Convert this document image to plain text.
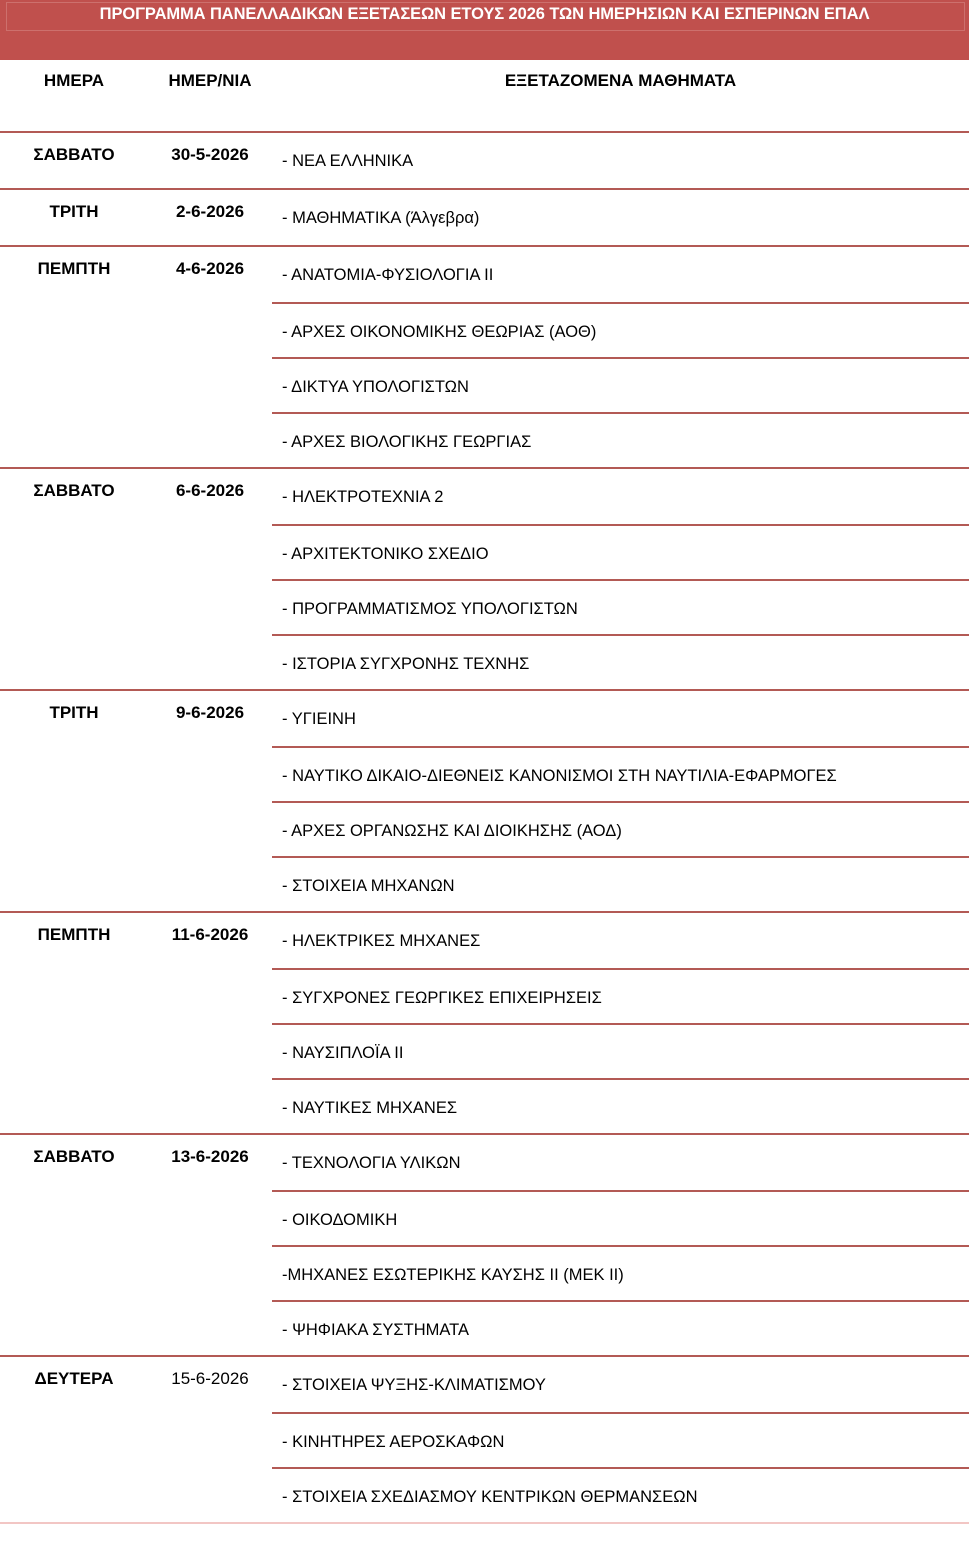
ΠΡΟΓΡΑΜΜΑ ΠΑΝΕΛΛΑΔΙΚΩΝ ΕΞΕΤΑΣΕΩΝ ΕΤΟΥΣ 2026 ΤΩΝ ΗΜΕΡΗΣΙΩΝ ΚΑΙ ΕΣΠΕΡΙΝΩΝ ΕΠΑΛ
ΗΜΕΡΑ	ΗΜΕΡ/ΝΙΑ	ΕΞΕΤΑΖΟΜΕΝΑ ΜΑΘΗΜΑΤΑ
ΣΑΒΒΑΤΟ	30-5-2026	- ΝΕΑ ΕΛΛΗΝΙΚΑ
ΤΡΙΤΗ	2-6-2026	- ΜΑΘΗΜΑΤΙΚΑ (Άλγεβρα)
ΠΕΜΠΤΗ	4-6-2026	- ΑΝΑΤΟΜΙΑ-ΦΥΣΙΟΛΟΓΙΑ ΙΙ
- ΑΡΧΕΣ ΟΙΚΟΝΟΜΙΚΗΣ ΘΕΩΡΙΑΣ (ΑΟΘ)
- ΔΙΚΤΥΑ ΥΠΟΛΟΓΙΣΤΩΝ
- ΑΡΧΕΣ ΒΙΟΛΟΓΙΚΗΣ ΓΕΩΡΓΙΑΣ
ΣΑΒΒΑΤΟ	6-6-2026	- ΗΛΕΚΤΡΟΤΕΧΝΙΑ 2
- ΑΡΧΙΤΕΚΤΟΝΙΚΟ ΣΧΕΔΙΟ
- ΠΡΟΓΡΑΜΜΑΤΙΣΜΟΣ ΥΠΟΛΟΓΙΣΤΩΝ
- ΙΣΤΟΡΙΑ ΣΥΓΧΡΟΝΗΣ ΤΕΧΝΗΣ
ΤΡΙΤΗ	9-6-2026	- ΥΓΙΕΙΝΗ
- ΝΑΥΤΙΚΟ ΔΙΚΑΙΟ-ΔΙΕΘΝΕΙΣ ΚΑΝΟΝΙΣΜΟΙ ΣΤΗ ΝΑΥΤΙΛΙΑ-ΕΦΑΡΜΟΓΕΣ
- ΑΡΧΕΣ ΟΡΓΑΝΩΣΗΣ ΚΑΙ ΔΙΟΙΚΗΣΗΣ (ΑΟΔ)
- ΣΤΟΙΧΕΙΑ ΜΗΧΑΝΩΝ
ΠΕΜΠΤΗ	11-6-2026	- ΗΛΕΚΤΡΙΚΕΣ ΜΗΧΑΝΕΣ
- ΣΥΓΧΡΟΝΕΣ ΓΕΩΡΓΙΚΕΣ ΕΠΙΧΕΙΡΗΣΕΙΣ
- ΝΑΥΣΙΠΛΟΪΑ ΙΙ
- ΝΑΥΤΙΚΕΣ ΜΗΧΑΝΕΣ
ΣΑΒΒΑΤΟ	13-6-2026	- ΤΕΧΝΟΛΟΓΙΑ ΥΛΙΚΩΝ
- ΟΙΚΟΔΟΜΙΚΗ
-ΜΗΧΑΝΕΣ ΕΣΩΤΕΡΙΚΗΣ ΚΑΥΣΗΣ ΙΙ (ΜΕΚ ΙΙ)
- ΨΗΦΙΑΚΑ ΣΥΣΤΗΜΑΤΑ
ΔΕΥΤΕΡΑ	15-6-2026	- ΣΤΟΙΧΕΙΑ ΨΥΞΗΣ-ΚΛΙΜΑΤΙΣΜΟΥ
- ΚΙΝΗΤΗΡΕΣ ΑΕΡΟΣΚΑΦΩΝ
- ΣΤΟΙΧΕΙΑ ΣΧΕΔΙΑΣΜΟΥ ΚΕΝΤΡΙΚΩΝ ΘΕΡΜΑΝΣΕΩΝ
